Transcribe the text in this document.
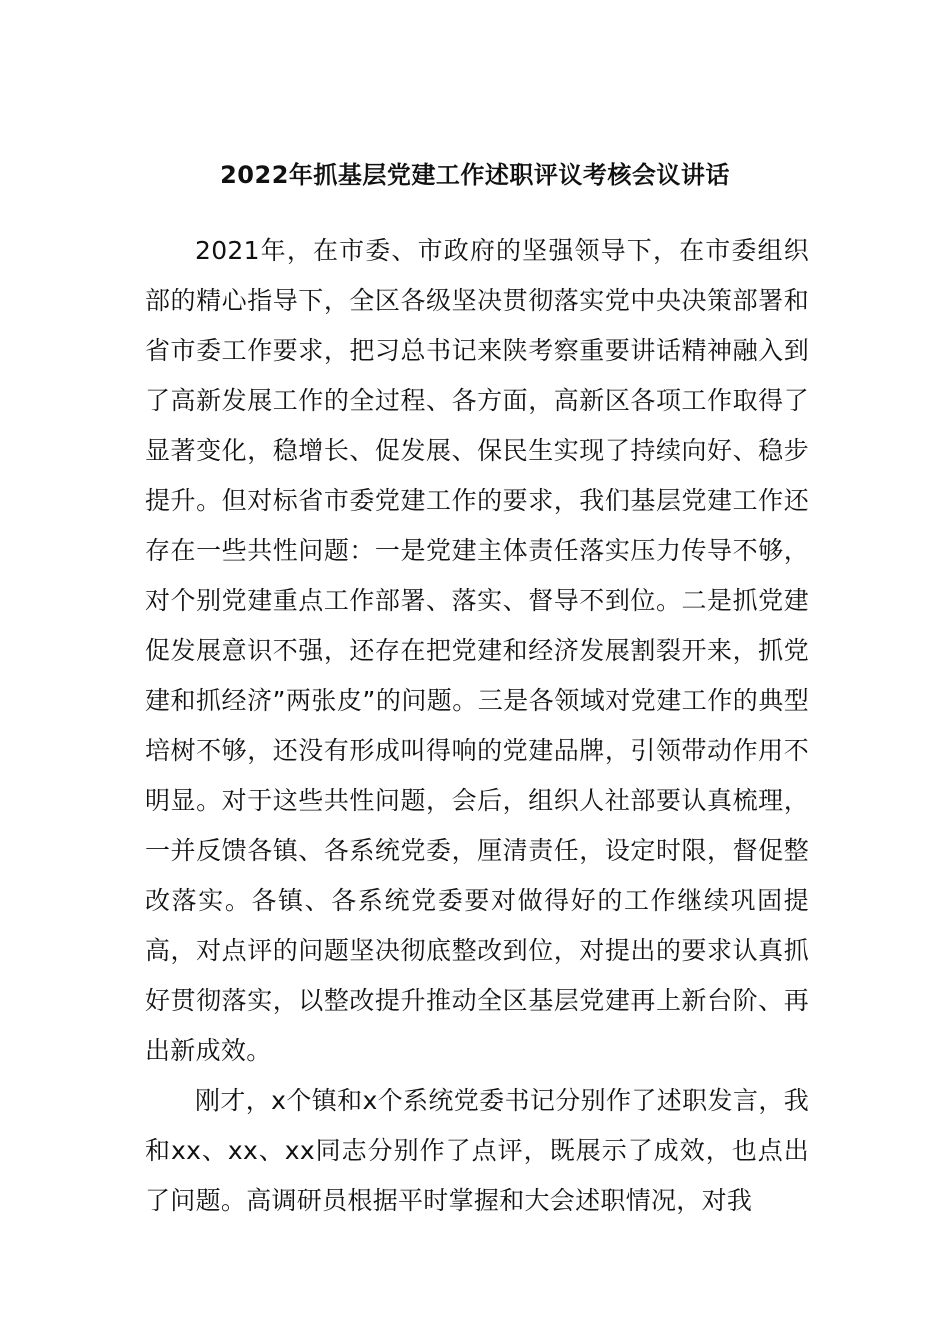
2022年抓基层党建工作述职评议考核会议讲话

2021年，在市委、市政府的坚强领导下，在市委组织部的精心指导下，全区各级坚决贯彻落实党中央决策部署和省市委工作要求，把习总书记来陕考察重要讲话精神融入到了高新发展工作的全过程、各方面，高新区各项工作取得了显著变化，稳增长、促发展、保民生实现了持续向好、稳步提升。但对标省市委党建工作的要求，我们基层党建工作还存在一些共性问题：一是党建主体责任落实压力传导不够，对个别党建重点工作部署、落实、督导不到位。二是抓党建促发展意识不强，还存在把党建和经济发展割裂开来，抓党建和抓经济”两张皮”的问题。三是各领域对党建工作的典型培树不够，还没有形成叫得响的党建品牌，引领带动作用不明显。对于这些共性问题，会后，组织人社部要认真梳理，一并反馈各镇、各系统党委，厘清责任，设定时限，督促整改落实。各镇、各系统党委要对做得好的工作继续巩固提高，对点评的问题坚决彻底整改到位，对提出的要求认真抓好贯彻落实，以整改提升推动全区基层党建再上新台阶、再出新成效。

刚才，x个镇和x个系统党委书记分别作了述职发言，我和xx、xx、xx同志分别作了点评，既展示了成效，也点出了问题。高调研员根据平时掌握和大会述职情况，对我
